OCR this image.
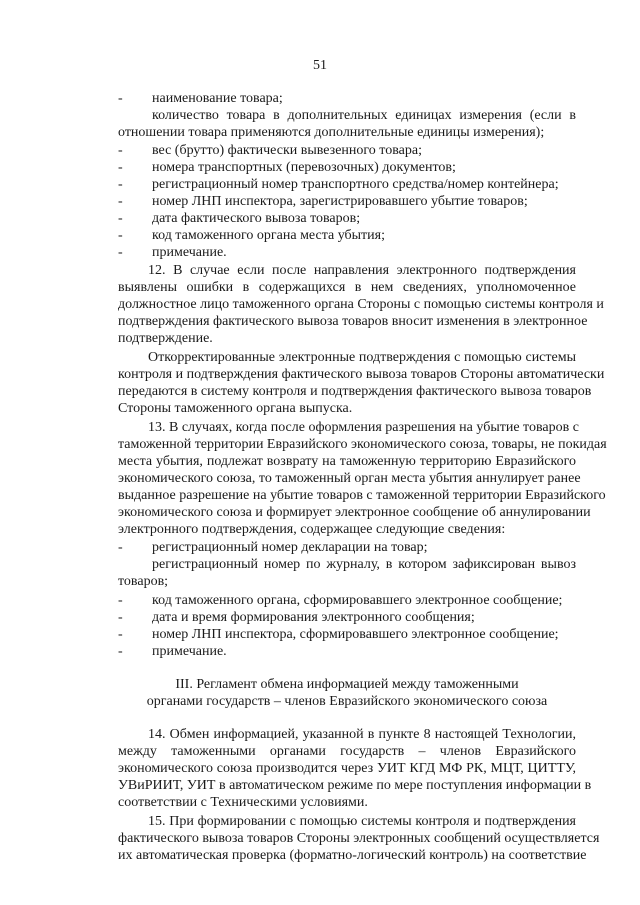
51
- наименование товара;
количество товара в дополнительных единицах измерения (если в
отношении товара применяются дополнительные единицы измерения);
- вес (брутто) фактически вывезенного товара;
- номера транспортных (перевозочных) документов;
- регистрационный номер транспортного средства/номер контейнера;
- номер ЛНП инспектора, зарегистрировавшего убытие товаров;
- дата фактического вывоза товаров;
- код таможенного органа места убытия;
- примечание.
12. В случае если после направления электронного подтверждения
выявлены ошибки в содержащихся в нем сведениях, уполномоченное
должностное лицо таможенного органа Стороны с помощью системы контроля и
подтверждения фактического вывоза товаров вносит изменения в электронное
подтверждение.
Откорректированные электронные подтверждения с помощью системы
контроля и подтверждения фактического вывоза товаров Стороны автоматически
передаются в систему контроля и подтверждения фактического вывоза товаров
Стороны таможенного органа выпуска.
13. В случаях, когда после оформления разрешения на убытие товаров с
таможенной территории Евразийского экономического союза, товары, не покидая
места убытия, подлежат возврату на таможенную территорию Евразийского
экономического союза, то таможенный орган места убытия аннулирует ранее
выданное разрешение на убытие товаров с таможенной территории Евразийского
экономического союза и формирует электронное сообщение об аннулировании
электронного подтверждения, содержащее следующие сведения:
- регистрационный номер декларации на товар;
регистрационный номер по журналу, в котором зафиксирован вывоз
товаров;
- код таможенного органа, сформировавшего электронное сообщение;
- дата и время формирования электронного сообщения;
- номер ЛНП инспектора, сформировавшего электронное сообщение;
- примечание.
III. Регламент обмена информацией между таможенными
органами государств – членов Евразийского экономического союза
14. Обмен информацией, указанной в пункте 8 настоящей Технологии,
между таможенными органами государств – членов Евразийского
экономического союза производится через УИТ КГД МФ РК, МЦТ, ЦИТТУ,
УВиРИИТ, УИТ в автоматическом режиме по мере поступления информации в
соответствии с Техническими условиями.
15. При формировании с помощью системы контроля и подтверждения
фактического вывоза товаров Стороны электронных сообщений осуществляется
их автоматическая проверка (форматно-логический контроль) на соответствие
